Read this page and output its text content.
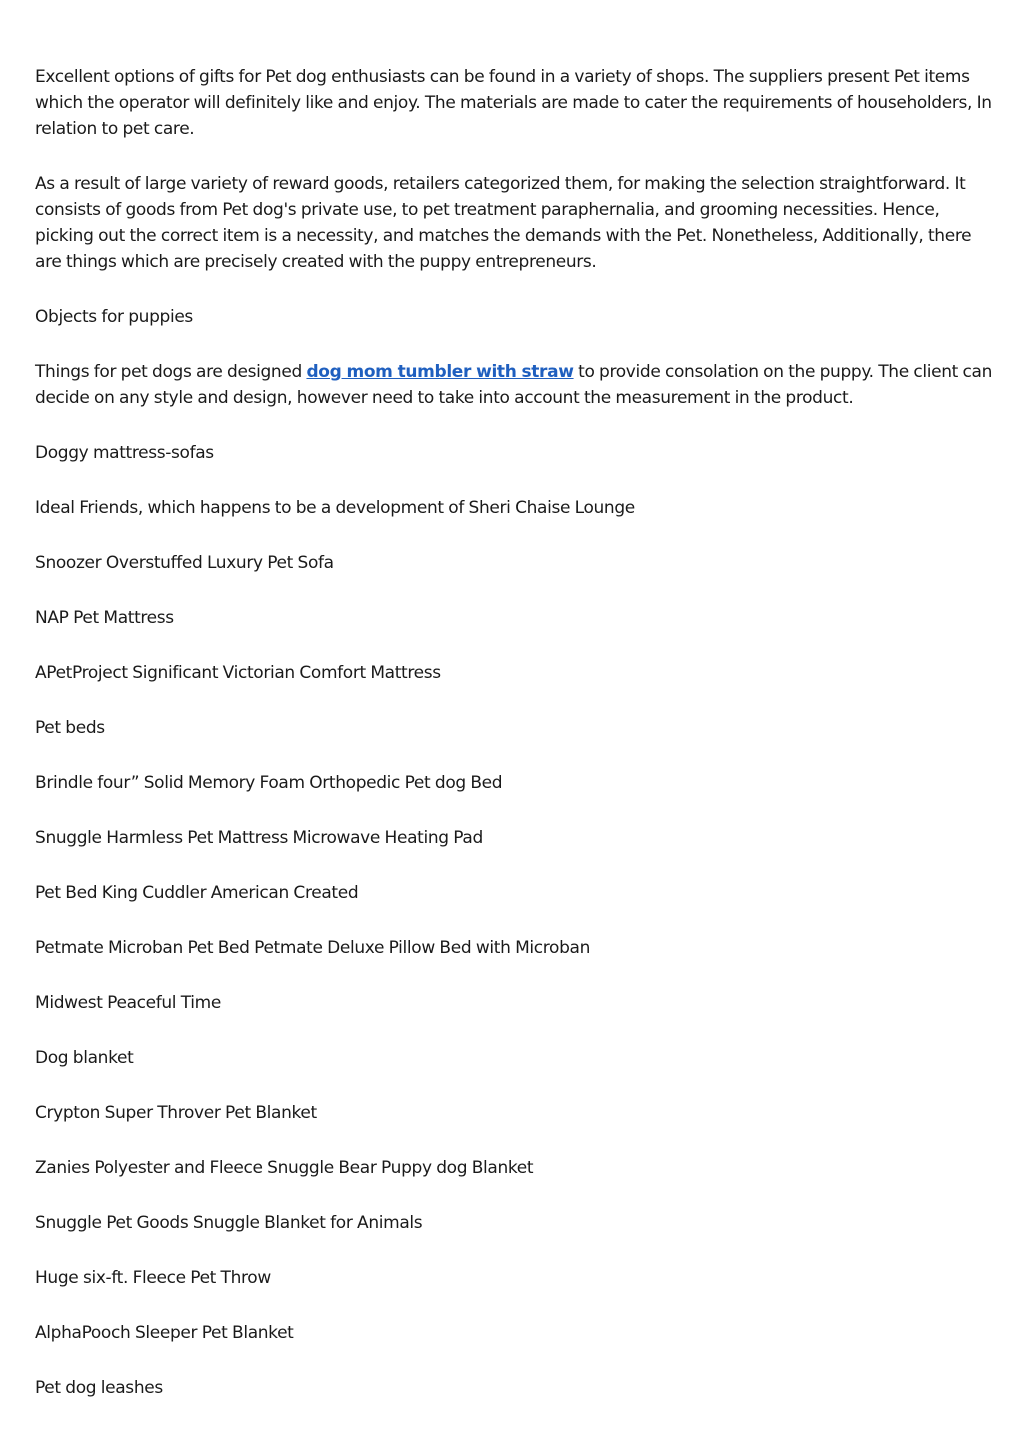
Excellent options of gifts for Pet dog enthusiasts can be found in a variety of shops. The suppliers present Pet items which the operator will definitely like and enjoy. The materials are made to cater the requirements of householders, In relation to pet care.

As a result of large variety of reward goods, retailers categorized them, for making the selection straightforward. It consists of goods from Pet dog's private use, to pet treatment paraphernalia, and grooming necessities. Hence, picking out the correct item is a necessity, and matches the demands with the Pet. Nonetheless, Additionally, there are things which are precisely created with the puppy entrepreneurs.

Objects for puppies

Things for pet dogs are designed dog mom tumbler with straw to provide consolation on the puppy. The client can decide on any style and design, however need to take into account the measurement in the product.

Doggy mattress-sofas

Ideal Friends, which happens to be a development of Sheri Chaise Lounge

Snoozer Overstuffed Luxury Pet Sofa

NAP Pet Mattress

APetProject Significant Victorian Comfort Mattress

Pet beds

Brindle four” Solid Memory Foam Orthopedic Pet dog Bed

Snuggle Harmless Pet Mattress Microwave Heating Pad

Pet Bed King Cuddler American Created

Petmate Microban Pet Bed Petmate Deluxe Pillow Bed with Microban

Midwest Peaceful Time

Dog blanket

Crypton Super Throver Pet Blanket

Zanies Polyester and Fleece Snuggle Bear Puppy dog Blanket

Snuggle Pet Goods Snuggle Blanket for Animals

Huge six-ft. Fleece Pet Throw

AlphaPooch Sleeper Pet Blanket

Pet dog leashes
